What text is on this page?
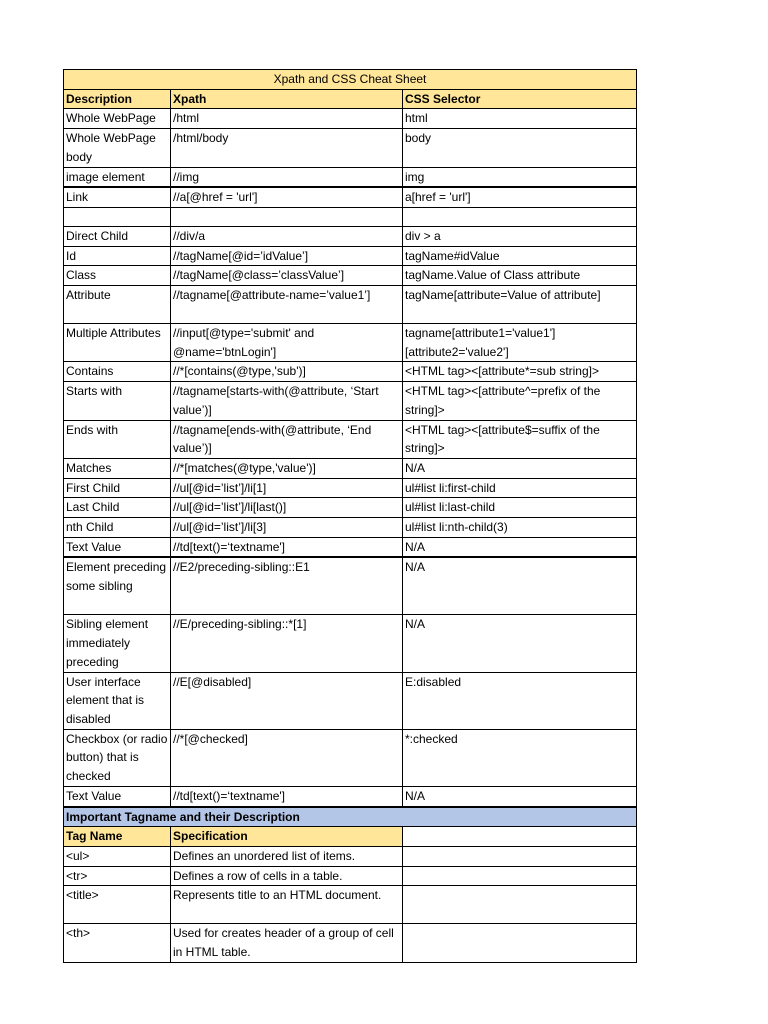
Xpath and CSS Cheat Sheet		
Description	Xpath	CSS Selector
Whole WebPage	/html	html
Whole WebPage body	/html/body	body
image element	//img	img
Link	//a[@href = 'url']	a[href = 'url']

Direct Child	//div/a	div > a
Id	//tagName[@id=’idValue’]	tagName#idValue
Class	//tagName[@class=’classValue’]	tagName.Value of Class attribute
Attribute	//tagname[@attribute-name=’value1’]	tagName[attribute=Value of attribute]
Multiple Attributes	//input[@type='submit' and @name='btnLogin']	tagname[attribute1='value1'][attribute2='value2']
Contains	//*[contains(@type,'sub')]	<HTML tag><[attribute*=sub string]>
Starts with	//tagname[starts-with(@attribute, ‘Start value’)]	<HTML tag><[attribute^=prefix of the string]>
Ends with	//tagname[ends-with(@attribute, ‘End value’)]	<HTML tag><[attribute$=suffix of the string]>
Matches	//*[matches(@type,'value')]	N/A
First Child	//ul[@id=’list’]/li[1]	ul#list li:first-child
Last Child	//ul[@id=’list’]/li[last()]	ul#list li:last-child
nth Child	//ul[@id=’list’]/li[3]	ul#list li:nth-child(3)
Text Value	//td[text()=‘textname']	N/A
Element preceding some sibling	//E2/preceding-sibling::E1	N/A
Sibling element immediately preceding	//E/preceding-sibling::*[1]	N/A
User interface element that is disabled	//E[@disabled]	E:disabled
Checkbox (or radio button) that is checked	//*[@checked]	*:checked
Text Value	//td[text()=‘textname']	N/A
Important Tagname and their Description		
Tag Name	Specification	
<ul>	Defines an unordered list of items.	
<tr>	Defines a row of cells in a table.	
<title>	Represents title to an HTML document.	
<th>	Used for creates header of a group of cell in HTML table.	
